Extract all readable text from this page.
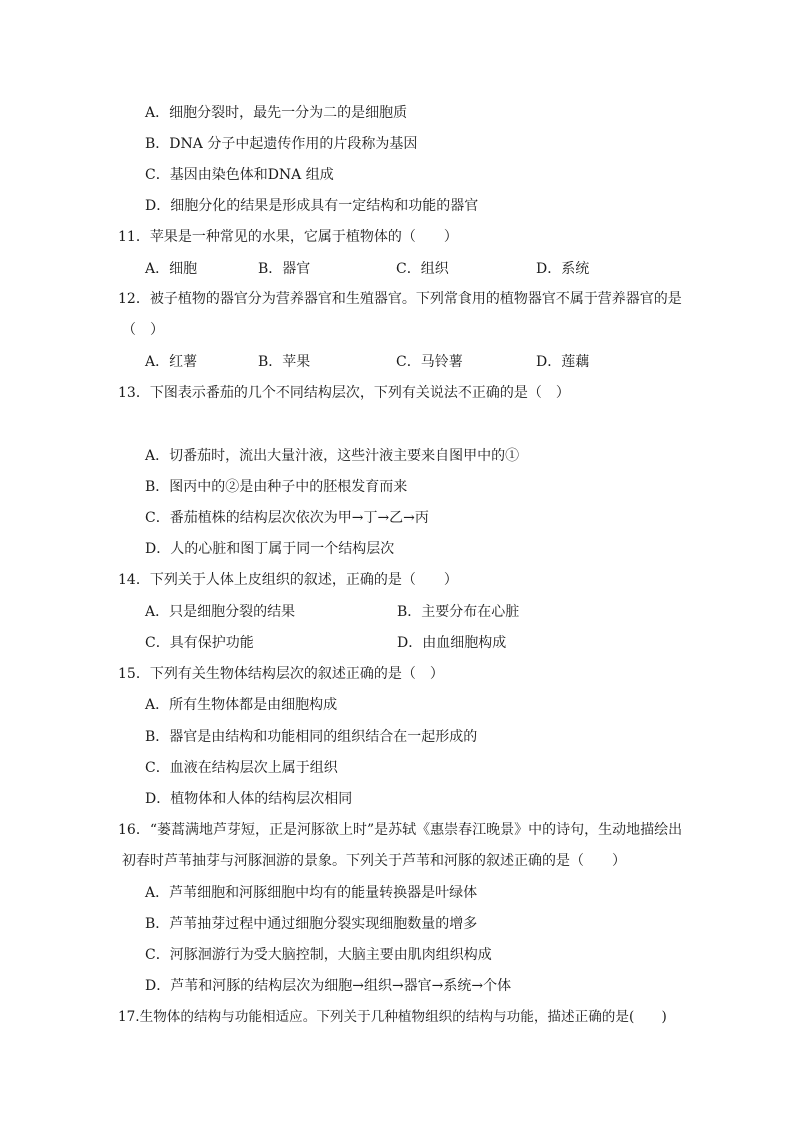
A．细胞分裂时，最先一分为二的是细胞质
B．DNA 分子中起遗传作用的片段称为基因
C．基因由染色体和DNA 组成
D．细胞分化的结果是形成具有一定结构和功能的器官
11．苹果是一种常见的水果，它属于植物体的（　　）
A．细胞	B．器官	C．组织	D．系统
12．被子植物的器官分为营养器官和生殖器官。下列常食用的植物器官不属于营养器官的是
（　）
A．红薯	B．苹果	C．马铃薯	D．莲藕
13．下图表示番茄的几个不同结构层次，下列有关说法不正确的是（　）
A．切番茄时，流出大量汁液，这些汁液主要来自图甲中的①
B．图丙中的②是由种子中的胚根发育而来
C．番茄植株的结构层次依次为甲→丁→乙→丙
D．人的心脏和图丁属于同一个结构层次
14．下列关于人体上皮组织的叙述，正确的是（　　）
A．只是细胞分裂的结果	B．主要分布在心脏
C．具有保护功能	D．由血细胞构成
15．下列有关生物体结构层次的叙述正确的是（　）
A．所有生物体都是由细胞构成
B．器官是由结构和功能相同的组织结合在一起形成的
C．血液在结构层次上属于组织
D．植物体和人体的结构层次相同
16．“蒌蒿满地芦芽短，正是河豚欲上时”是苏轼《惠崇春江晚景》中的诗句，生动地描绘出
初春时芦苇抽芽与河豚洄游的景象。下列关于芦苇和河豚的叙述正确的是（　　）
A．芦苇细胞和河豚细胞中均有的能量转换器是叶绿体
B．芦苇抽芽过程中通过细胞分裂实现细胞数量的增多
C．河豚洄游行为受大脑控制，大脑主要由肌肉组织构成
D．芦苇和河豚的结构层次为细胞→组织→器官→系统→个体
17.生物体的结构与功能相适应。下列关于几种植物组织的结构与功能，描述正确的是(　　)
